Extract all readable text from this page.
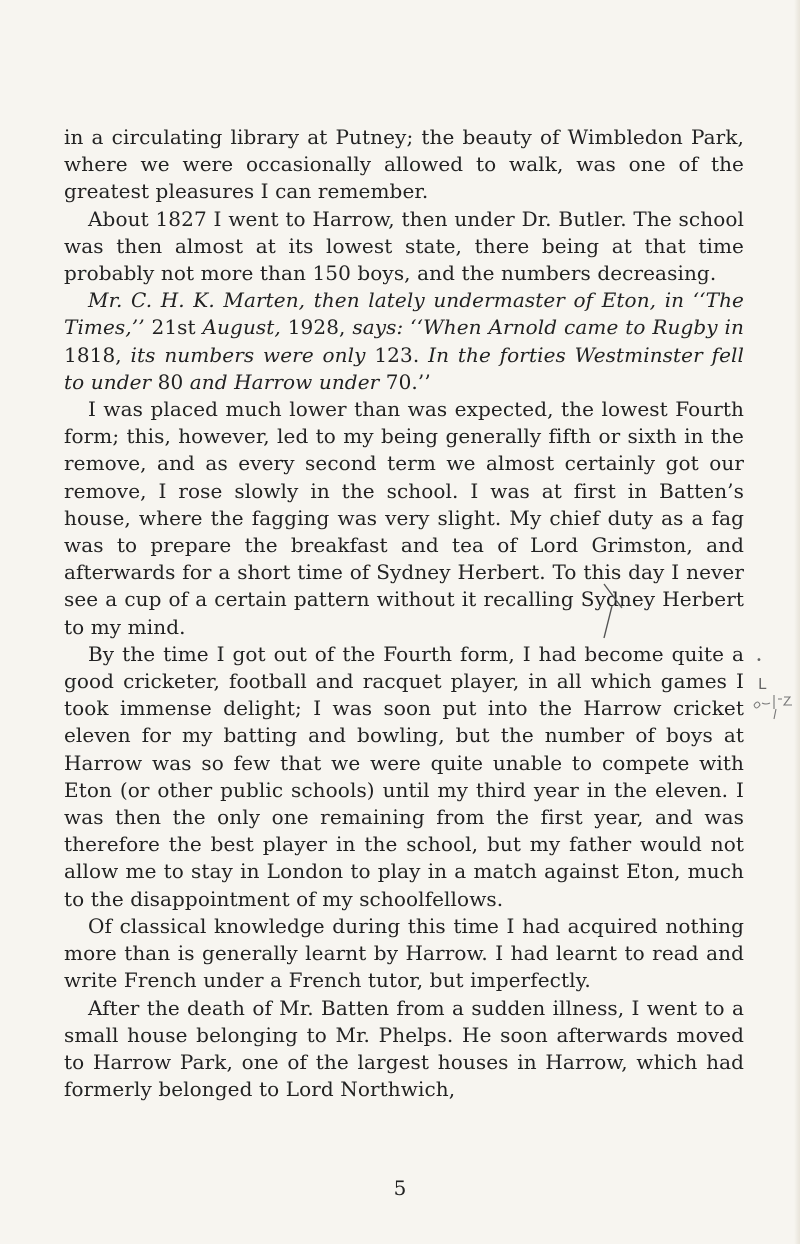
in a circulating library at Putney; the beauty of Wimbledon Park, where we were occasionally allowed to walk, was one of the greatest pleasures I can remember.

About 1827 I went to Harrow, then under Dr. Butler. The school was then almost at its lowest state, there being at that time probably not more than 150 boys, and the numbers decreasing.

Mr. C. H. K. Marten, then lately undermaster of Eton, in ‘‘The Times,’’ 21st August, 1928, says: ‘‘When Arnold came to Rugby in 1818, its numbers were only 123. In the forties Westminster fell to under 80 and Harrow under 70.’’

I was placed much lower than was expected, the lowest Fourth form; this, however, led to my being generally fifth or sixth in the remove, and as every second term we almost certainly got our remove, I rose slowly in the school. I was at first in Batten’s house, where the fagging was very slight. My chief duty as a fag was to prepare the breakfast and tea of Lord Grimston, and afterwards for a short time of Sydney Herbert. To this day I never see a cup of a certain pattern without it recalling Sydney Herbert to my mind.

By the time I got out of the Fourth form, I had become quite a good cricketer, football and racquet player, in all which games I took immense delight; I was soon put into the Harrow cricket eleven for my batting and bowling, but the number of boys at Harrow was so few that we were quite unable to compete with Eton (or other public schools) until my third year in the eleven. I was then the only one remaining from the first year, and was therefore the best player in the school, but my father would not allow me to stay in London to play in a match against Eton, much to the disappointment of my schoolfellows.

Of classical knowledge during this time I had acquired nothing more than is generally learnt by Harrow. I had learnt to read and write French under a French tutor, but imperfectly.

After the death of Mr. Batten from a sudden illness, I went to a small house belonging to Mr. Phelps. He soon afterwards moved to Harrow Park, one of the largest houses in Harrow, which had formerly belonged to Lord Northwich,

•
L
5
